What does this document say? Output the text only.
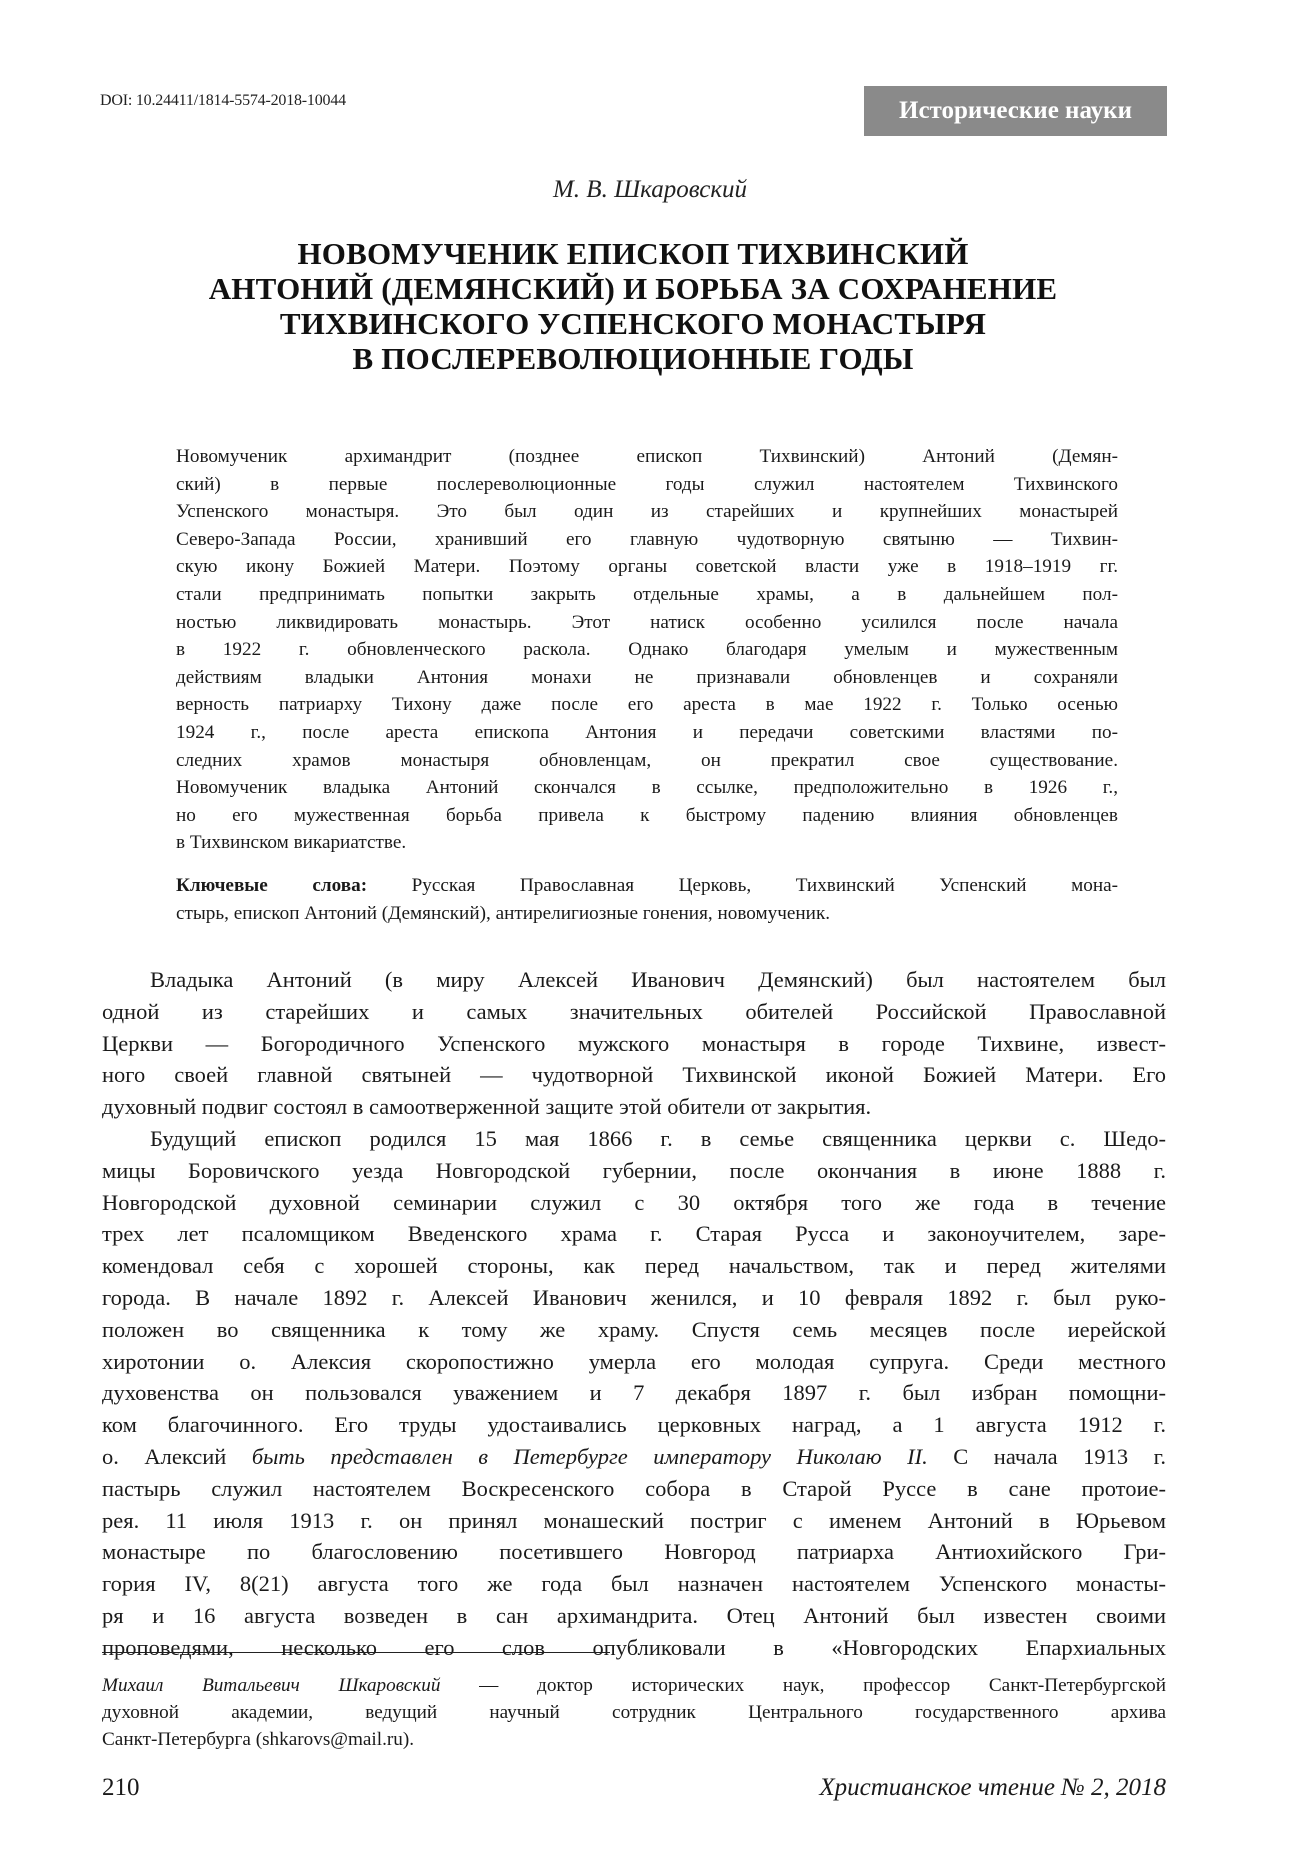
DOI: 10.24411/1814-5574-2018-10044	Исторические науки
М. В. Шкаровский
НОВОМУЧЕНИК ЕПИСКОП ТИХВИНСКИЙ
АНТОНИЙ (ДЕМЯНСКИЙ) И БОРЬБА ЗА СОХРАНЕНИЕ
ТИХВИНСКОГО УСПЕНСКОГО МОНАСТЫРЯ
В ПОСЛЕРЕВОЛЮЦИОННЫЕ ГОДЫ
Новомученик архимандрит (позднее епископ Тихвинский) Антоний (Демян-
ский) в первые послереволюционные годы служил настоятелем Тихвинского
Успенского монастыря. Это был один из старейших и крупнейших монастырей
Северо-Запада России, хранивший его главную чудотворную святыню — Тихвин-
скую икону Божией Матери. Поэтому органы советской власти уже в 1918–1919 гг.
стали предпринимать попытки закрыть отдельные храмы, а в дальнейшем пол-
ностью ликвидировать монастырь. Этот натиск особенно усилился после начала
в 1922 г. обновленческого раскола. Однако благодаря умелым и мужественным
действиям владыки Антония монахи не признавали обновленцев и сохраняли
верность патриарху Тихону даже после его ареста в мае 1922 г. Только осенью
1924 г., после ареста епископа Антония и передачи советскими властями по-
следних храмов монастыря обновленцам, он прекратил свое существование.
Новомученик владыка Антоний скончался в ссылке, предположительно в 1926 г.,
но его мужественная борьба привела к быстрому падению влияния обновленцев
в Тихвинском викариатстве.
Ключевые слова: Русская Православная Церковь, Тихвинский Успенский мона-
стырь, епископ Антоний (Демянский), антирелигиозные гонения, новомученик.
Владыка Антоний (в миру Алексей Иванович Демянский) был настоятелем был
одной из старейших и самых значительных обителей Российской Православной
Церкви — Богородичного Успенского мужского монастыря в городе Тихвине, извест-
ного своей главной святыней — чудотворной Тихвинской иконой Божией Матери. Его
духовный подвиг состоял в самоотверженной защите этой обители от закрытия.
Будущий епископ родился 15 мая 1866 г. в семье священника церкви с. Шедо-
мицы Боровичского уезда Новгородской губернии, после окончания в июне 1888 г.
Новгородской духовной семинарии служил с 30 октября того же года в течение
трех лет псаломщиком Введенского храма г. Старая Русса и законоучителем, заре-
комендовал себя с хорошей стороны, как перед начальством, так и перед жителями
города. В начале 1892 г. Алексей Иванович женился, и 10 февраля 1892 г. был руко-
положен во священника к тому же храму. Спустя семь месяцев после иерейской
хиротонии о. Алексия скоропостижно умерла его молодая супруга. Среди местного
духовенства он пользовался уважением и 7 декабря 1897 г. был избран помощни-
ком благочинного. Его труды удостаивались церковных наград, а 1 августа 1912 г.
о. Алексий быть представлен в Петербурге императору Николаю II. С начала 1913 г.
пастырь служил настоятелем Воскресенского собора в Старой Руссе в сане протоие-
рея. 11 июля 1913 г. он принял монашеский постриг с именем Антоний в Юрьевом
монастыре по благословению посетившего Новгород патриарха Антиохийского Гри-
гория IV, 8(21) августа того же года был назначен настоятелем Успенского монасты-
ря и 16 августа возведен в сан архимандрита. Отец Антоний был известен своими
проповедями, несколько его слов опубликовали в «Новгородских Епархиальных
Михаил Витальевич Шкаровский — доктор исторических наук, профессор Санкт-Петербургской
духовной академии, ведущий научный сотрудник Центрального государственного архива
Санкт-Петербурга (shkarovs@mail.ru).
210	Христианское чтение № 2, 2018
